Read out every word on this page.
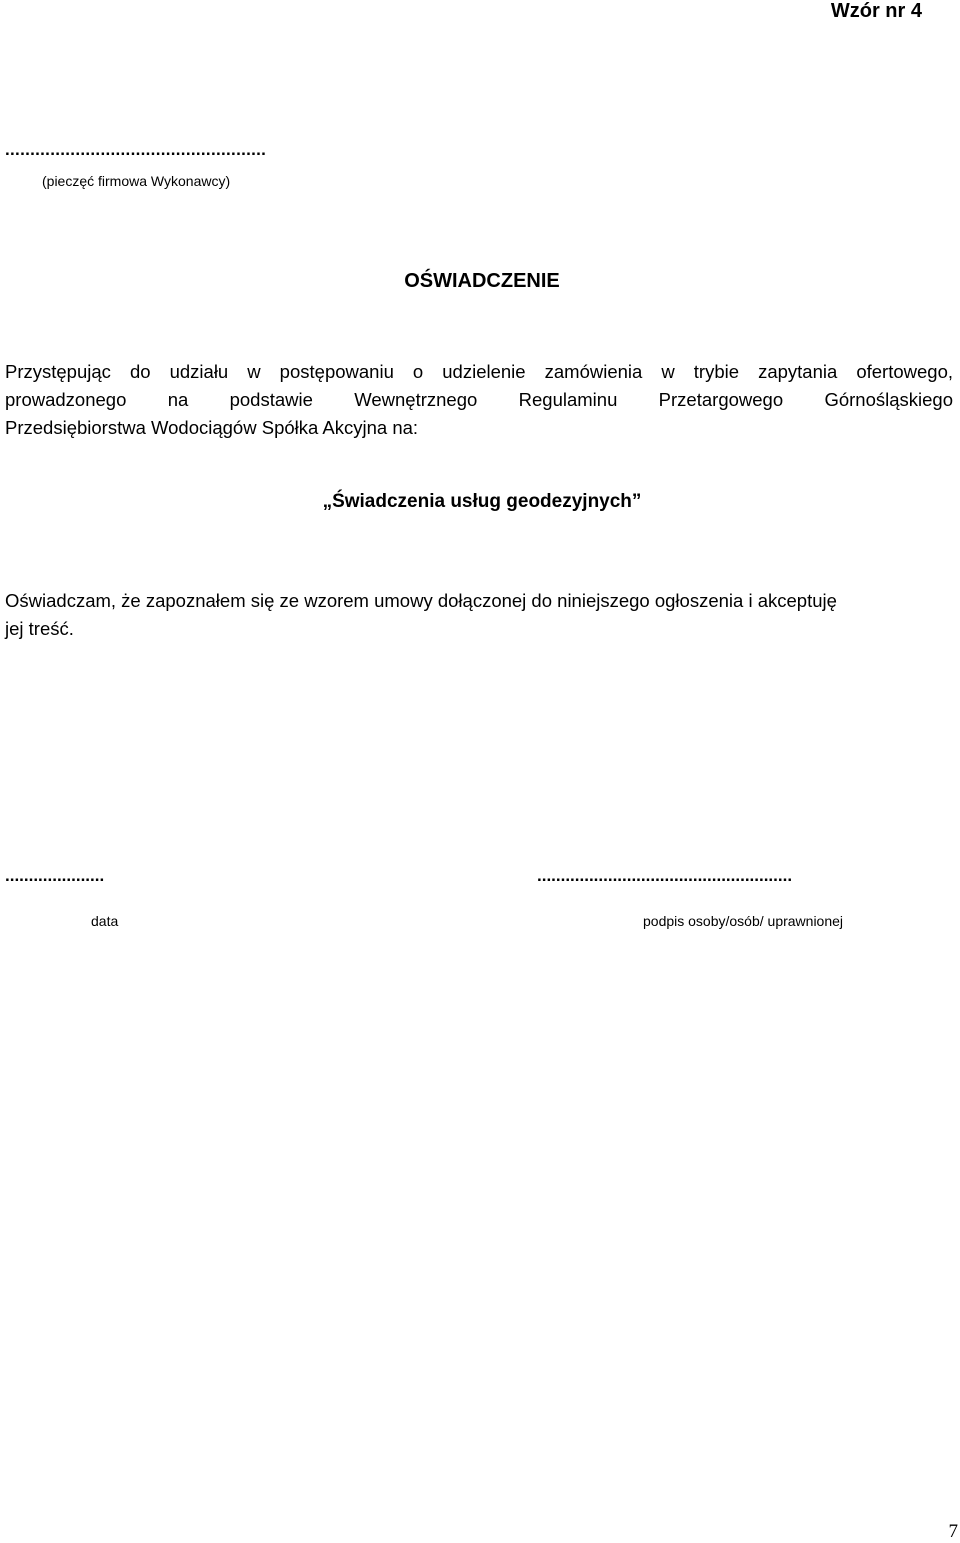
Wzór nr 4
....................................................
(pieczęć firmowa Wykonawcy)
OŚWIADCZENIE
Przystępując do udziału w postępowaniu o udzielenie zamówienia w trybie zapytania ofertowego,
prowadzonego na podstawie Wewnętrznego Regulaminu Przetargowego Górnośląskiego
Przedsiębiorstwa Wodociągów Spółka Akcyjna na:
„Świadczenia usług geodezyjnych”
Oświadczam, że zapoznałem się ze wzorem umowy dołączonej do niniejszego ogłoszenia i akceptuję
jej treść.
.....................	......................................................
data	podpis osoby/osób/ uprawnionej
7
